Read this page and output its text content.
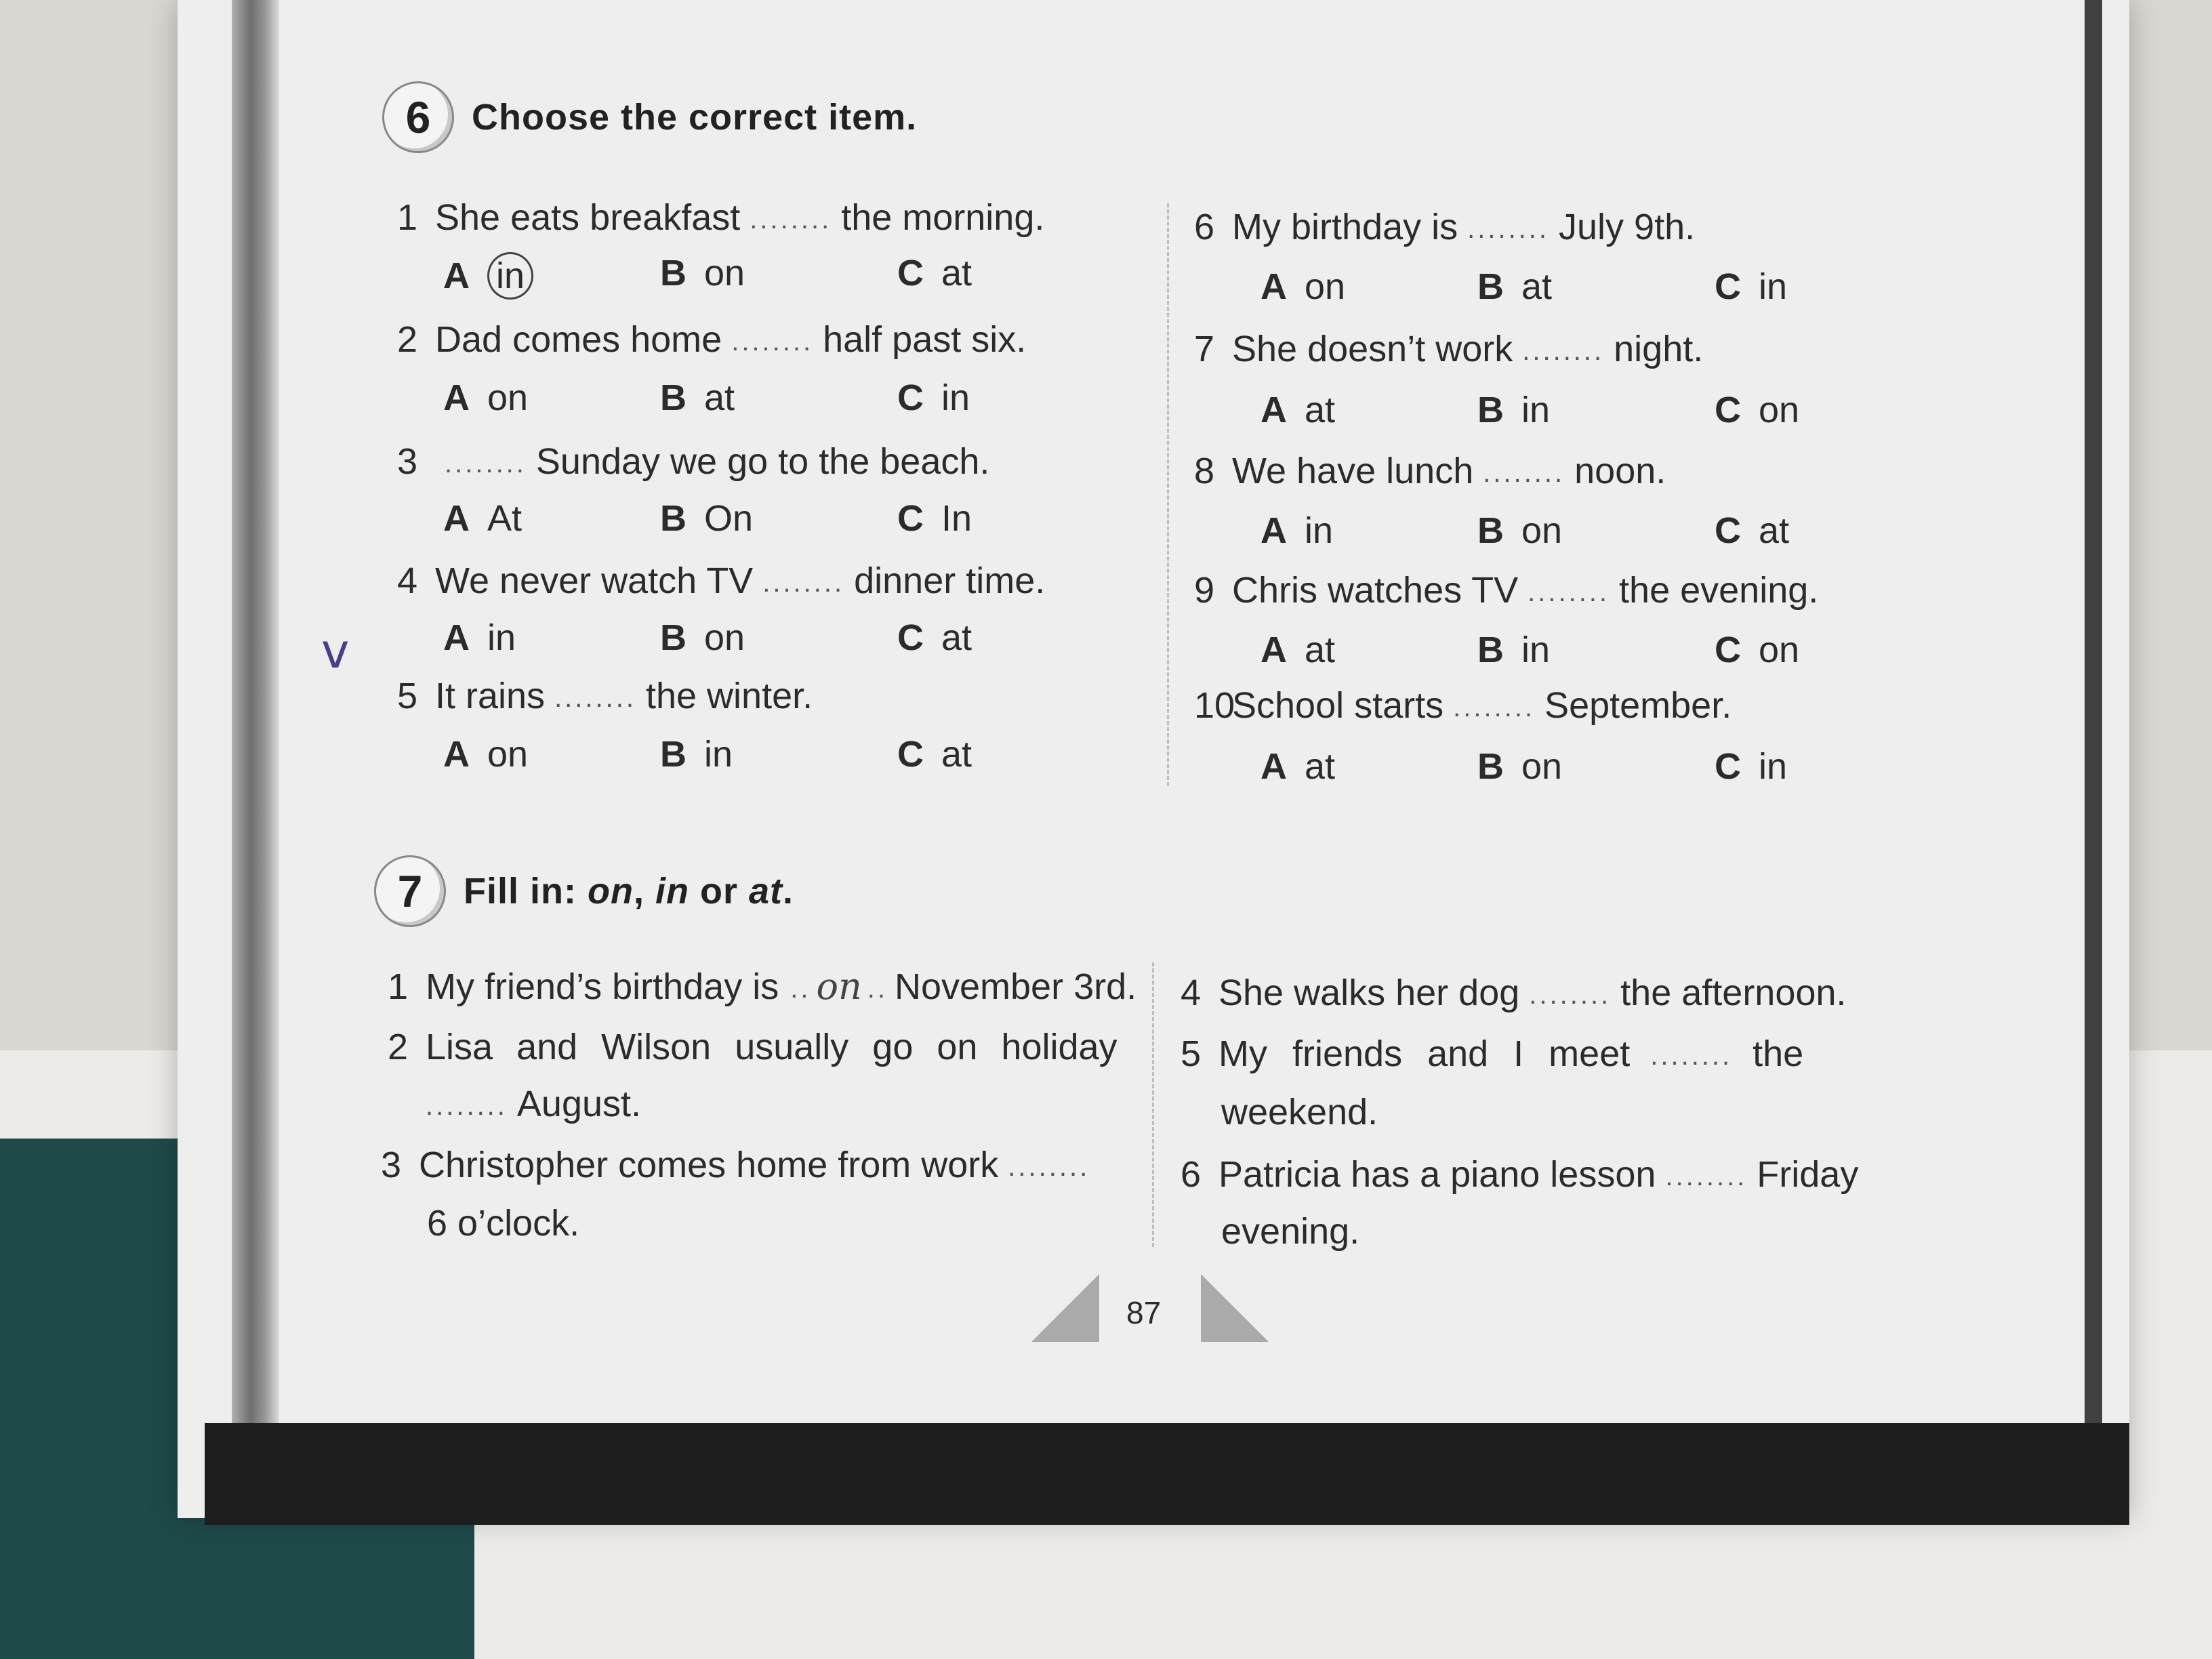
6	Choose the correct item.
1 She eats breakfast ........ the morning.
A in	B on	C at
2 Dad comes home ........ half past six.
A on	B at	C in
3 ........ Sunday we go to the beach.
A At	B On	C In
4 We never watch TV ........ dinner time.
A in	B on	C at
ⅴ
5 It rains ........ the winter.
A on	B in	C at
6 My birthday is ........ July 9th.
A on	B at	C in
7 She doesn’t work ........ night.
A at	B in	C on
8 We have lunch ........ noon.
A in	B on	C at
9 Chris watches TV ........ the evening.
A at	B in	C on
10School starts ........ September.
A at	B on	C in
7	Fill in: on, in or at.
1 My friend’s birthday is .. on .. November 3rd.
2 Lisa and Wilson usually go on holiday
........ August.
3 Christopher comes home from work ........
6 o’clock.
4 She walks her dog ........ the afternoon.
5 My friends and I meet ........ the
weekend.
6 Patricia has a piano lesson ........ Friday
evening.
87
